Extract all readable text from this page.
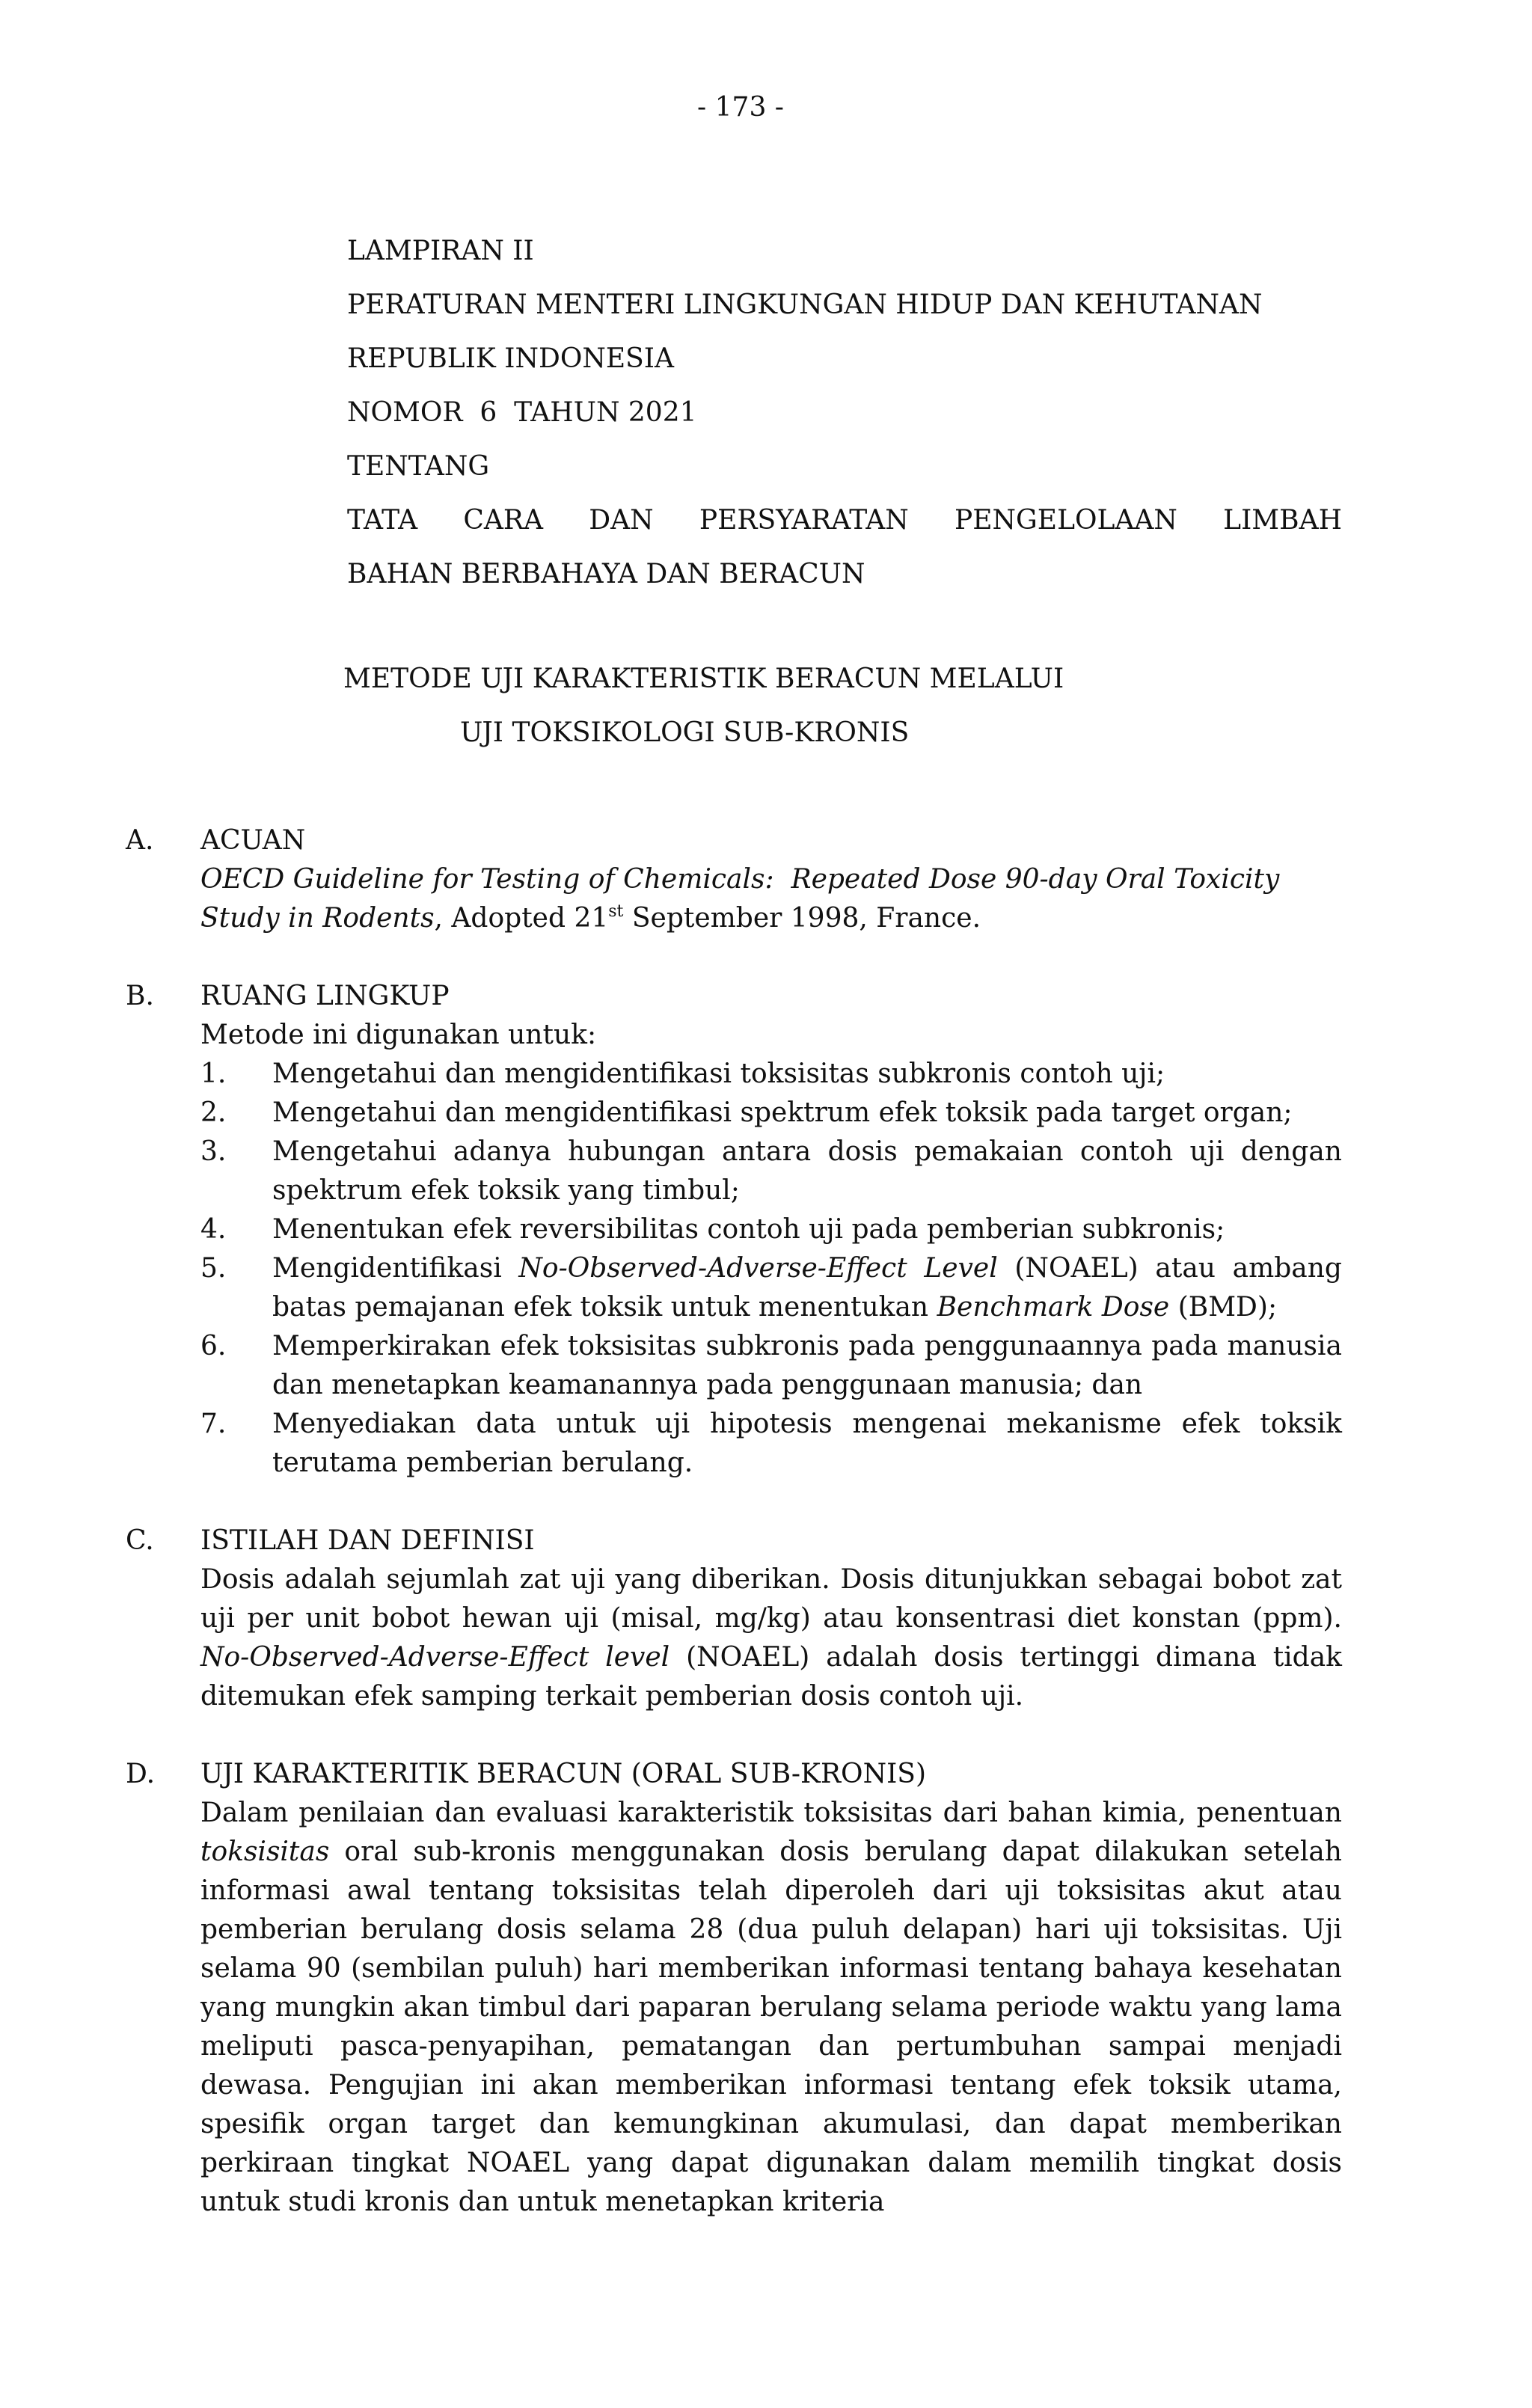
- 173 -
LAMPIRAN II
PERATURAN MENTERI LINGKUNGAN HIDUP DAN KEHUTANAN
REPUBLIK INDONESIA
NOMOR  6  TAHUN 2021
TENTANG
TATA CARA DAN PERSYARATAN PENGELOLAAN LIMBAH
BAHAN BERBAHAYA DAN BERACUN
METODE UJI KARAKTERISTIK BERACUN MELALUI
UJI TOKSIKOLOGI SUB-KRONIS
A. ACUAN
OECD Guideline for Testing of Chemicals:  Repeated Dose 90-day Oral Toxicity
Study in Rodents, Adopted 21st September 1998, France.
B. RUANG LINGKUP
Metode ini digunakan untuk:
1. Mengetahui dan mengidentifikasi toksisitas subkronis contoh uji;
2. Mengetahui dan mengidentifikasi spektrum efek toksik pada target organ;
3. Mengetahui adanya hubungan antara dosis pemakaian contoh uji dengan spektrum efek toksik yang timbul;
4. Menentukan efek reversibilitas contoh uji pada pemberian subkronis;
5. Mengidentifikasi No-Observed-Adverse-Effect Level (NOAEL) atau ambang batas pemajanan efek toksik untuk menentukan Benchmark Dose (BMD);
6. Memperkirakan efek toksisitas subkronis pada penggunaannya pada manusia dan menetapkan keamanannya pada penggunaan manusia; dan
7. Menyediakan data untuk uji hipotesis mengenai mekanisme efek toksik terutama pemberian berulang.
C. ISTILAH DAN DEFINISI
Dosis adalah sejumlah zat uji yang diberikan. Dosis ditunjukkan sebagai bobot zat uji per unit bobot hewan uji (misal, mg/kg) atau konsentrasi diet konstan (ppm). No-Observed-Adverse-Effect level (NOAEL) adalah dosis tertinggi dimana tidak ditemukan efek samping terkait pemberian dosis contoh uji.
D. UJI KARAKTERITIK BERACUN (ORAL SUB-KRONIS)
Dalam penilaian dan evaluasi karakteristik toksisitas dari bahan kimia, penentuan toksisitas oral sub-kronis menggunakan dosis berulang dapat dilakukan setelah informasi awal tentang toksisitas telah diperoleh dari uji toksisitas akut atau pemberian berulang dosis selama 28 (dua puluh delapan) hari uji toksisitas. Uji selama 90 (sembilan puluh) hari memberikan informasi tentang bahaya kesehatan yang mungkin akan timbul dari paparan berulang selama periode waktu yang lama meliputi pasca-penyapihan, pematangan dan pertumbuhan sampai menjadi dewasa. Pengujian ini akan memberikan informasi tentang efek toksik utama, spesifik organ target dan kemungkinan akumulasi, dan dapat memberikan perkiraan tingkat NOAEL yang dapat digunakan dalam memilih tingkat dosis untuk studi kronis dan untuk menetapkan kriteria
